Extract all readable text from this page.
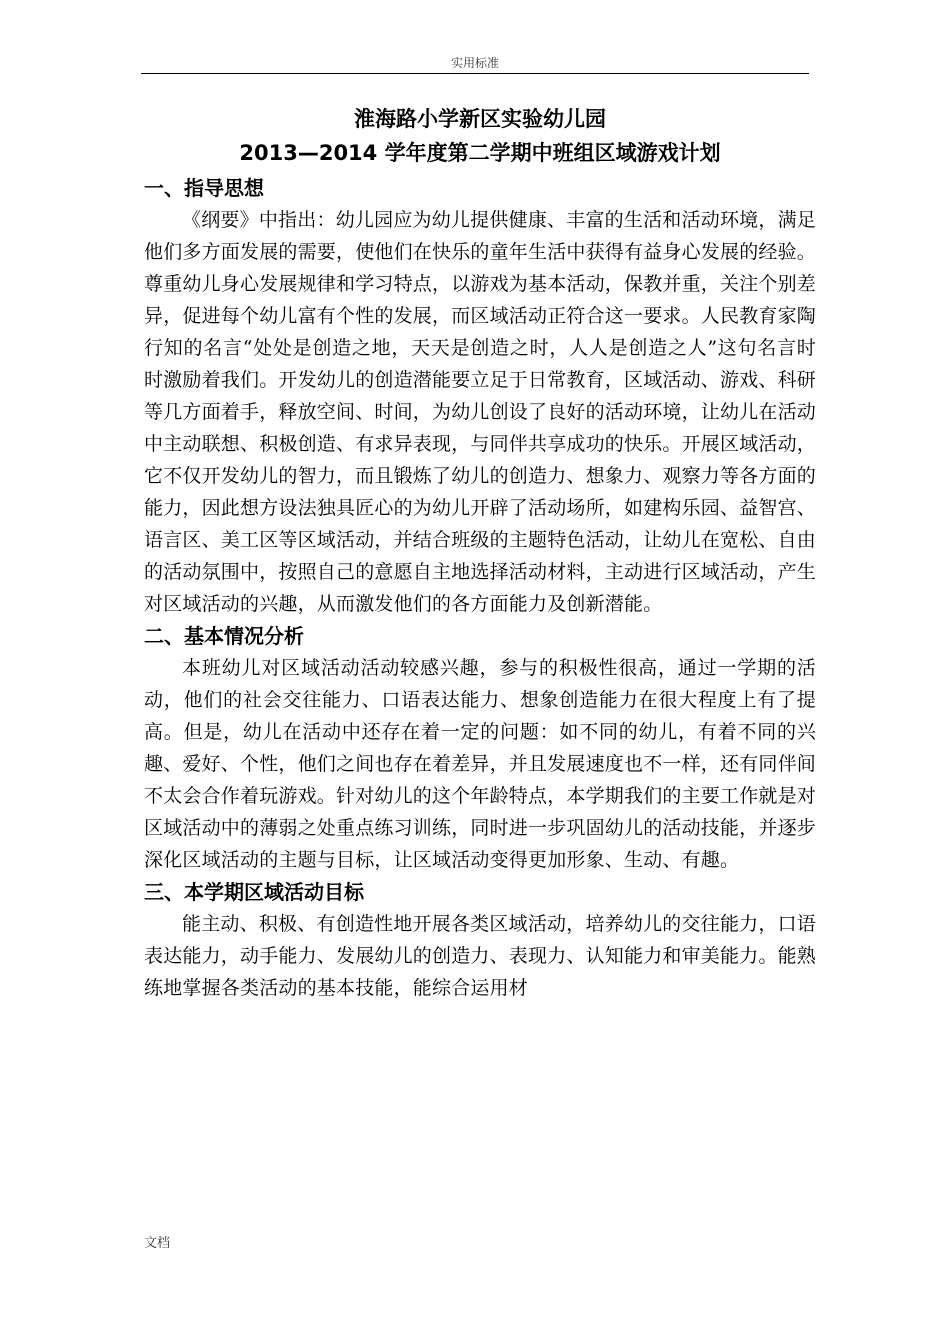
实用标准
淮海路小学新区实验幼儿园
2013—2014 学年度第二学期中班组区域游戏计划
一、指导思想

《纲要》中指出：幼儿园应为幼儿提供健康、丰富的生活和活动环境，满足他们多方面发展的需要，使他们在快乐的童年生活中获得有益身心发展的经验。尊重幼儿身心发展规律和学习特点，以游戏为基本活动，保教并重，关注个别差异，促进每个幼儿富有个性的发展，而区域活动正符合这一要求。人民教育家陶行知的名言“处处是创造之地，天天是创造之时，人人是创造之人”这句名言时时激励着我们。开发幼儿的创造潜能要立足于日常教育，区域活动、游戏、科研等几方面着手，释放空间、时间，为幼儿创设了良好的活动环境，让幼儿在活动中主动联想、积极创造、有求异表现，与同伴共享成功的快乐。开展区域活动，它不仅开发幼儿的智力，而且锻炼了幼儿的创造力、想象力、观察力等各方面的能力，因此想方设法独具匠心的为幼儿开辟了活动场所，如建构乐园、益智宫、语言区、美工区等区域活动，并结合班级的主题特色活动，让幼儿在宽松、自由的活动氛围中，按照自己的意愿自主地选择活动材料，主动进行区域活动，产生对区域活动的兴趣，从而激发他们的各方面能力及创新潜能。

二、基本情况分析

本班幼儿对区域活动活动较感兴趣，参与的积极性很高，通过一学期的活动，他们的社会交往能力、口语表达能力、想象创造能力在很大程度上有了提高。但是，幼儿在活动中还存在着一定的问题：如不同的幼儿，有着不同的兴趣、爱好、个性，他们之间也存在着差异，并且发展速度也不一样，还有同伴间不太会合作着玩游戏。针对幼儿的这个年龄特点，本学期我们的主要工作就是对区域活动中的薄弱之处重点练习训练，同时进一步巩固幼儿的活动技能，并逐步深化区域活动的主题与目标，让区域活动变得更加形象、生动、有趣。

三、本学期区域活动目标

能主动、积极、有创造性地开展各类区域活动，培养幼儿的交往能力，口语表达能力，动手能力、发展幼儿的创造力、表现力、认知能力和审美能力。能熟练地掌握各类活动的基本技能，能综合运用材

文档
